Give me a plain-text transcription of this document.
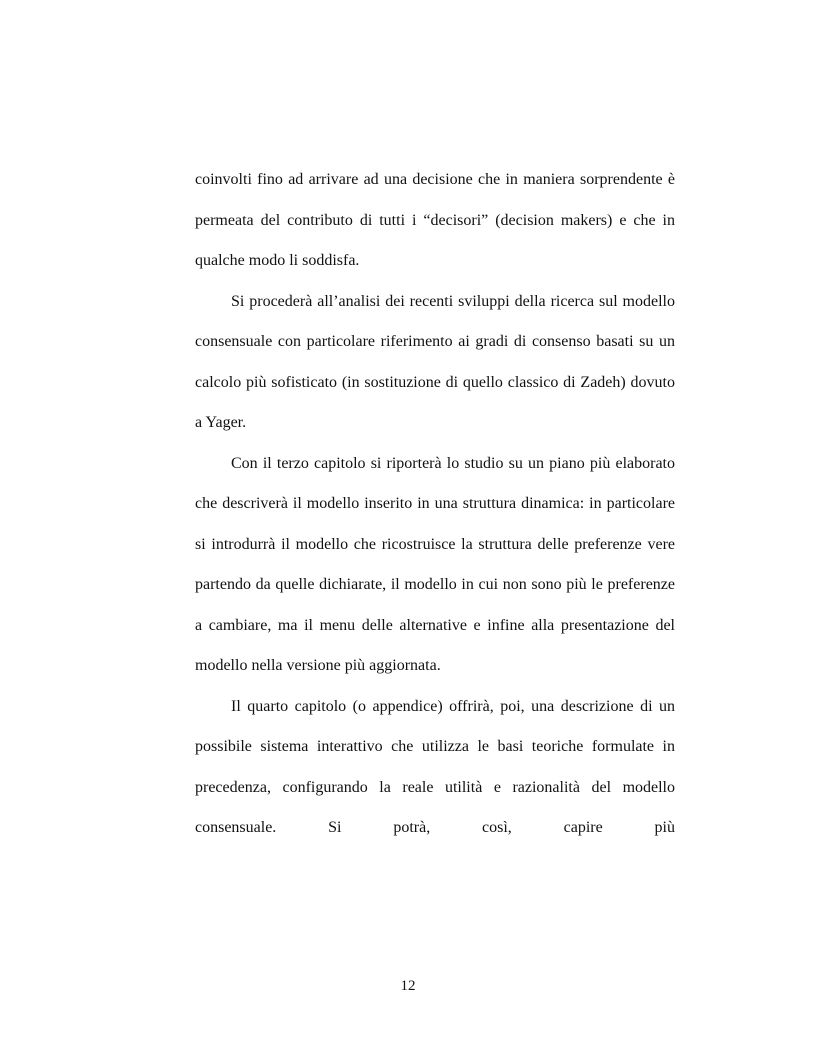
coinvolti fino ad arrivare ad una decisione che in maniera sorprendente è permeata del contributo di tutti i “decisori” (decision makers) e che in qualche modo li soddisfa.

Si procederà all’analisi dei recenti sviluppi della ricerca sul modello consensuale con particolare riferimento ai gradi di consenso basati su un calcolo più sofisticato (in sostituzione di quello classico di Zadeh) dovuto a Yager.

Con il terzo capitolo si riporterà lo studio su un piano più elaborato che descriverà il modello inserito in una struttura dinamica: in particolare si introdurrà il modello che ricostruisce la struttura delle preferenze vere partendo da quelle dichiarate, il modello in cui non sono più le preferenze a cambiare, ma il menu delle alternative e infine alla presentazione del modello nella versione più aggiornata.

Il quarto capitolo (o appendice) offrirà, poi, una descrizione di un possibile sistema interattivo che utilizza le basi teoriche formulate in precedenza, configurando la reale utilità e razionalità del modello consensuale. Si potrà, così, capire più

12
